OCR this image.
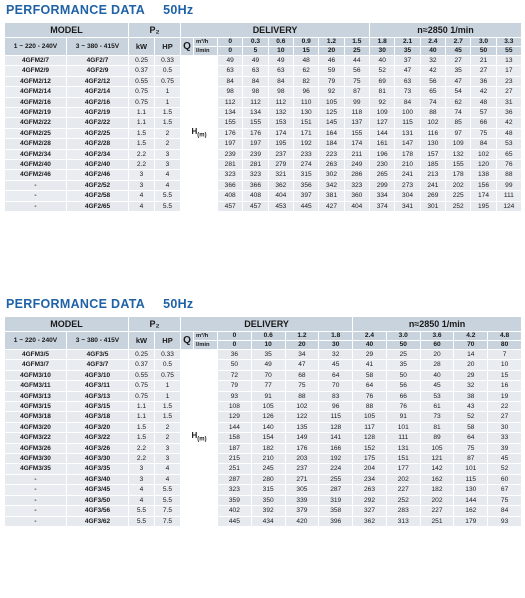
PERFORMANCE DATA 50Hz
MODEL		P₂		DELIVERY								n≈2850 1/min					
1 ~ 220 - 240V	3 ~ 380 - 415V	kW	HP	Q	m³/h	0	0.3	0.6	0.9	1.2	1.5	1.8	2.1	2.4	2.7	3.0	3.3
					l/min	0	5	10	15	20	25	30	35	40	45	50	55
4GFM2/7	4GF2/7	0.25	0.33	$H_{(m)}$		49	49	49	48	46	44	40	37	32	27	21	13
4GFM2/9	4GF2/9	0.37	0.5			63	63	63	62	59	56	52	47	42	35	27	17
4GFM2/12	4GF2/12	0.55	0.75			84	84	84	82	79	75	69	63	56	47	36	23
4GFM2/14	4GF2/14	0.75	1			98	98	98	96	92	87	81	73	65	54	42	27
4GFM2/16	4GF2/16	0.75	1			112	112	112	110	105	99	92	84	74	62	48	31
4GFM2/19	4GF2/19	1.1	1.5			134	134	132	130	125	118	109	100	88	74	57	36
4GFM2/22	4GF2/22	1.1	1.5			155	155	153	151	145	137	127	115	102	85	66	42
4GFM2/25	4GF2/25	1.5	2			176	176	174	171	164	155	144	131	116	97	75	48
4GFM2/28	4GF2/28	1.5	2			197	197	195	192	184	174	161	147	130	109	84	53
4GFM2/34	4GF2/34	2.2	3			239	239	237	233	223	211	196	178	157	132	102	65
4GFM2/40	4GF2/40	2.2	3			281	281	279	274	263	249	230	210	185	155	120	76
4GFM2/46	4GF2/46	3	4			323	323	321	315	302	286	265	241	213	178	138	88
-	4GF2/52	3	4			366	366	362	356	342	323	299	273	241	202	156	99
-	4GF2/58	4	5.5			408	408	404	397	381	360	334	304	269	225	174	111
-	4GF2/65	4	5.5			457	457	453	445	427	404	374	341	301	252	195	124
PERFORMANCE DATA 50Hz
MODEL		P₂		DELIVERY						n≈2850 1/min				
1 ~ 220 - 240V	3 ~ 380 - 415V	kW	HP	Q	m³/h	0	0.6	1.2	1.8	2.4	3.0	3.6	4.2	4.8
					l/min	0	10	20	30	40	50	60	70	80
4GFM3/5	4GF3/5	0.25	0.33	$H_{(m)}$		36	35	34	32	29	25	20	14	7
4GFM3/7	4GF3/7	0.37	0.5			50	49	47	45	41	35	28	20	10
4GFM3/10	4GF3/10	0.55	0.75			72	70	68	64	58	50	40	29	15
4GFM3/11	4GF3/11	0.75	1			79	77	75	70	64	56	45	32	16
4GFM3/13	4GF3/13	0.75	1			93	91	88	83	76	66	53	38	19
4GFM3/15	4GF3/15	1.1	1.5			108	105	102	96	88	76	61	43	22
4GFM3/18	4GF3/18	1.1	1.5			129	126	122	115	105	91	73	52	27
4GFM3/20	4GF3/20	1.5	2			144	140	135	128	117	101	81	58	30
4GFM3/22	4GF3/22	1.5	2			158	154	149	141	128	111	89	64	33
4GFM3/26	4GF3/26	2.2	3			187	182	176	166	152	131	105	75	39
4GFM3/30	4GF3/30	2.2	3			215	210	203	192	175	151	121	87	45
4GFM3/35	4GF3/35	3	4			251	245	237	224	204	177	142	101	52
-	4GF3/40	3	4			287	280	271	255	234	202	162	115	60
-	4GF3/45	4	5.5			323	315	305	287	263	227	182	130	67
-	4GF3/50	4	5.5			359	350	339	319	292	252	202	144	75
-	4GF3/56	5.5	7.5			402	392	379	358	327	283	227	162	84
-	4GF3/62	5.5	7.5			445	434	420	396	362	313	251	179	93
